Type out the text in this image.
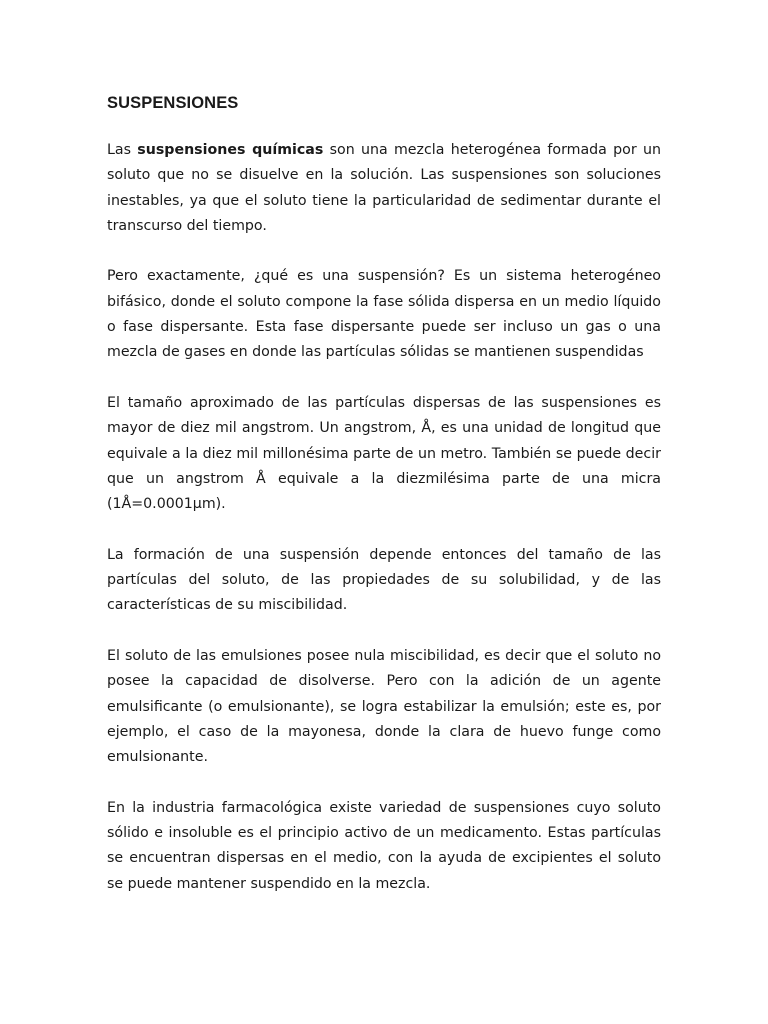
SUSPENSIONES

Las suspensiones químicas son una mezcla heterogénea formada por un soluto que no se disuelve en la solución. Las suspensiones son soluciones inestables, ya que el soluto tiene la particularidad de sedimentar durante el transcurso del tiempo.

Pero exactamente, ¿qué es una suspensión? Es un sistema heterogéneo bifásico, donde el soluto compone la fase sólida dispersa en un medio líquido o fase dispersante. Esta fase dispersante puede ser incluso un gas o una mezcla de gases en donde las partículas sólidas se mantienen suspendidas

El tamaño aproximado de las partículas dispersas de las suspensiones es mayor de diez mil angstrom. Un angstrom, Å, es una unidad de longitud que equivale a la diez mil millonésima parte de un metro. También se puede decir que un angstrom Å equivale a la diezmilésima parte de una micra (1Å=0.0001µm).

La formación de una suspensión depende entonces del tamaño de las partículas del soluto, de las propiedades de su solubilidad, y de las características de su miscibilidad.

El soluto de las emulsiones posee nula miscibilidad, es decir que el soluto no posee la capacidad de disolverse. Pero con la adición de un agente emulsificante (o emulsionante), se logra estabilizar la emulsión; este es, por ejemplo, el caso de la mayonesa, donde la clara de huevo funge como emulsionante.

En la industria farmacológica existe variedad de suspensiones cuyo soluto sólido e insoluble es el principio activo de un medicamento. Estas partículas se encuentran dispersas en el medio, con la ayuda de excipientes el soluto se puede mantener suspendido en la mezcla.
